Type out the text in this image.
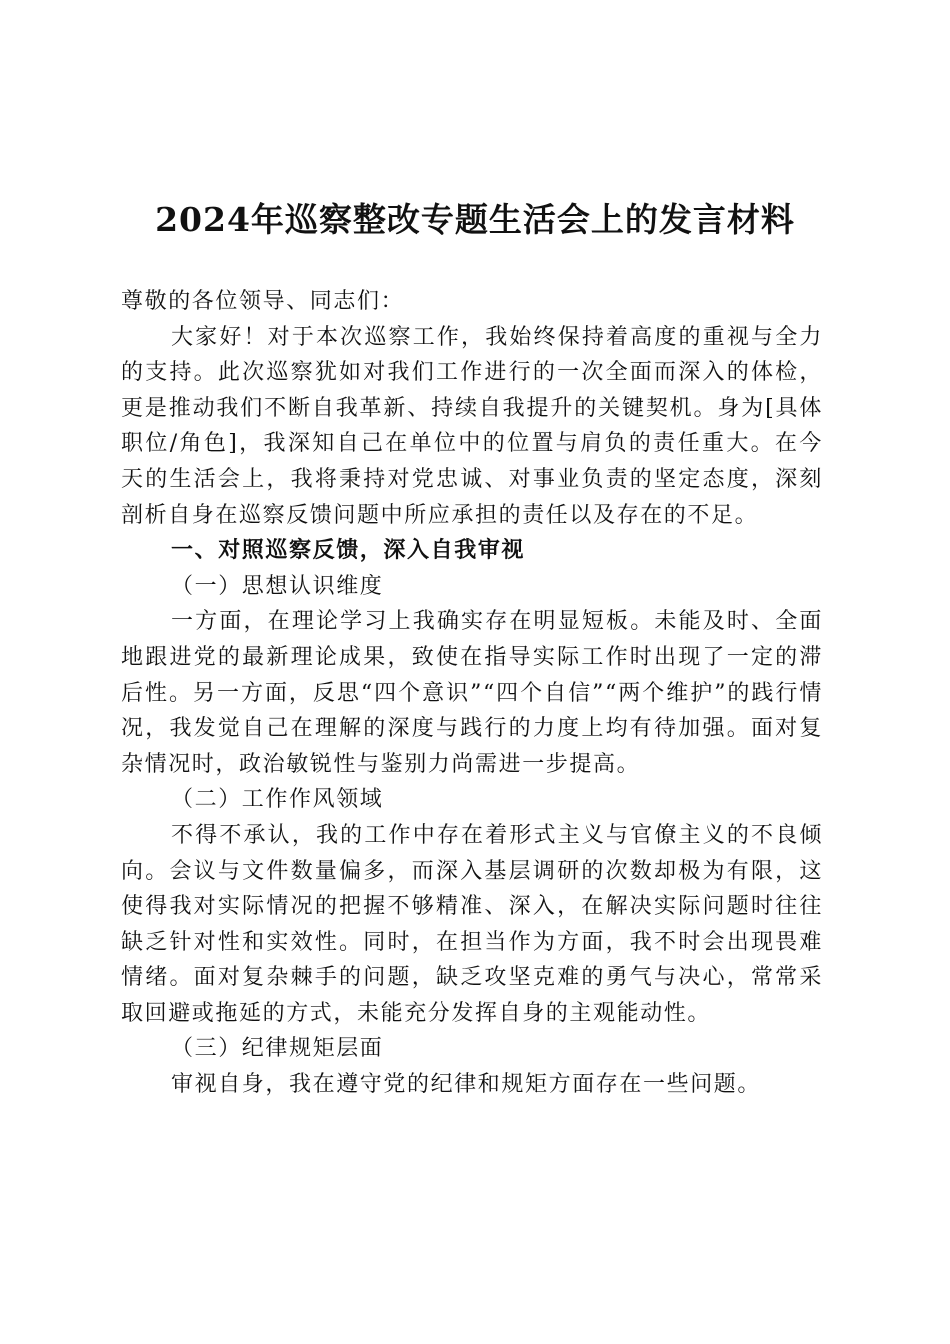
2024年巡察整改专题生活会上的发言材料

尊敬的各位领导、同志们：

大家好！对于本次巡察工作，我始终保持着高度的重视与全力的支持。此次巡察犹如对我们工作进行的一次全面而深入的体检，更是推动我们不断自我革新、持续自我提升的关键契机。身为[具体职位/角色]，我深知自己在单位中的位置与肩负的责任重大。在今天的生活会上，我将秉持对党忠诚、对事业负责的坚定态度，深刻剖析自身在巡察反馈问题中所应承担的责任以及存在的不足。

一、对照巡察反馈，深入自我审视

（一）思想认识维度

一方面，在理论学习上我确实存在明显短板。未能及时、全面地跟进党的最新理论成果，致使在指导实际工作时出现了一定的滞后性。另一方面，反思“四个意识”“四个自信”“两个维护”的践行情况，我发觉自己在理解的深度与践行的力度上均有待加强。面对复杂情况时，政治敏锐性与鉴别力尚需进一步提高。

（二）工作作风领域

不得不承认，我的工作中存在着形式主义与官僚主义的不良倾向。会议与文件数量偏多，而深入基层调研的次数却极为有限，这使得我对实际情况的把握不够精准、深入，在解决实际问题时往往缺乏针对性和实效性。同时，在担当作为方面，我不时会出现畏难情绪。面对复杂棘手的问题，缺乏攻坚克难的勇气与决心，常常采取回避或拖延的方式，未能充分发挥自身的主观能动性。

（三）纪律规矩层面

审视自身，我在遵守党的纪律和规矩方面存在一些问题。
